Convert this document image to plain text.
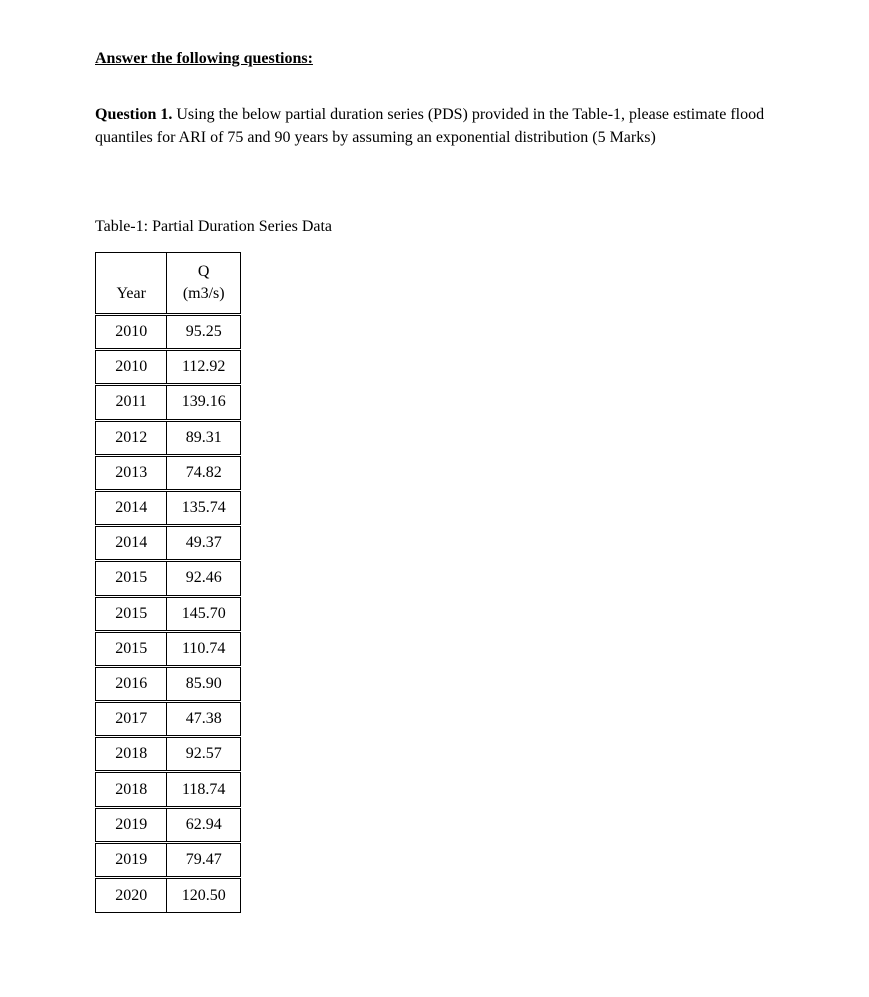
Answer the following questions:

Question 1. Using the below partial duration series (PDS) provided in the Table-1, please estimate flood quantiles for ARI of 75 and 90 years by assuming an exponential distribution (5 Marks)

Table-1: Partial Duration Series Data

Year	Q
(m3/s)
2010	95.25
2010	112.92
2011	139.16
2012	89.31
2013	74.82
2014	135.74
2014	49.37
2015	92.46
2015	145.70
2015	110.74
2016	85.90
2017	47.38
2018	92.57
2018	118.74
2019	62.94
2019	79.47
2020	120.50
